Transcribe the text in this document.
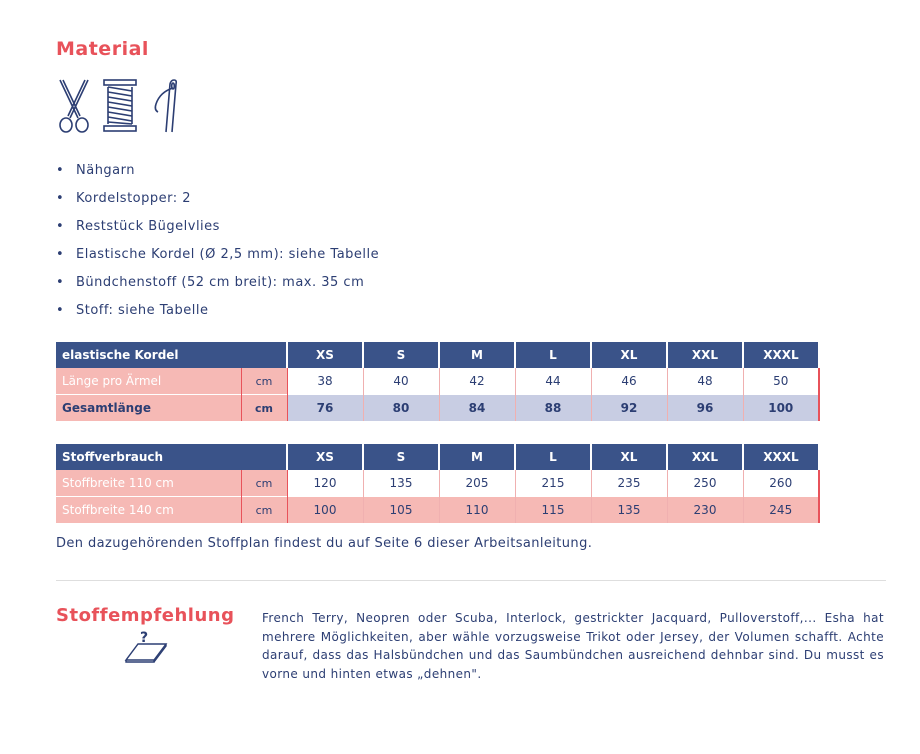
Material
• Nähgarn
• Kordelstopper: 2
• Reststück Bügelvlies
• Elastische Kordel (Ø 2,5 mm): siehe Tabelle
• Bündchenstoff (52 cm breit): max. 35 cm
• Stoff: siehe Tabelle
elastische Kordel		XS	S	M	L	XL	XXL	XXXL
Länge pro Ärmel	cm	38	40	42	44	46	48	50
Gesamtlänge	cm	76	80	84	88	92	96	100
Stoffverbrauch		XS	S	M	L	XL	XXL	XXXL
Stoffbreite 110 cm	cm	120	135	205	215	235	250	260
Stoffbreite 140 cm	cm	100	105	110	115	135	230	245
Den dazugehörenden Stoffplan findest du auf Seite 6 dieser Arbeitsanleitung.
Stoffempfehlung
?
French Terry, Neopren oder Scuba, Interlock, gestrickter Jacquard, Pulloverstoff,... Esha hat mehrere Möglichkeiten, aber wähle vorzugsweise Trikot oder Jersey, der Volumen schafft. Achte darauf, dass das Halsbündchen und das Saumbündchen ausreichend dehnbar sind. Du musst es vorne und hinten etwas „dehnen".
